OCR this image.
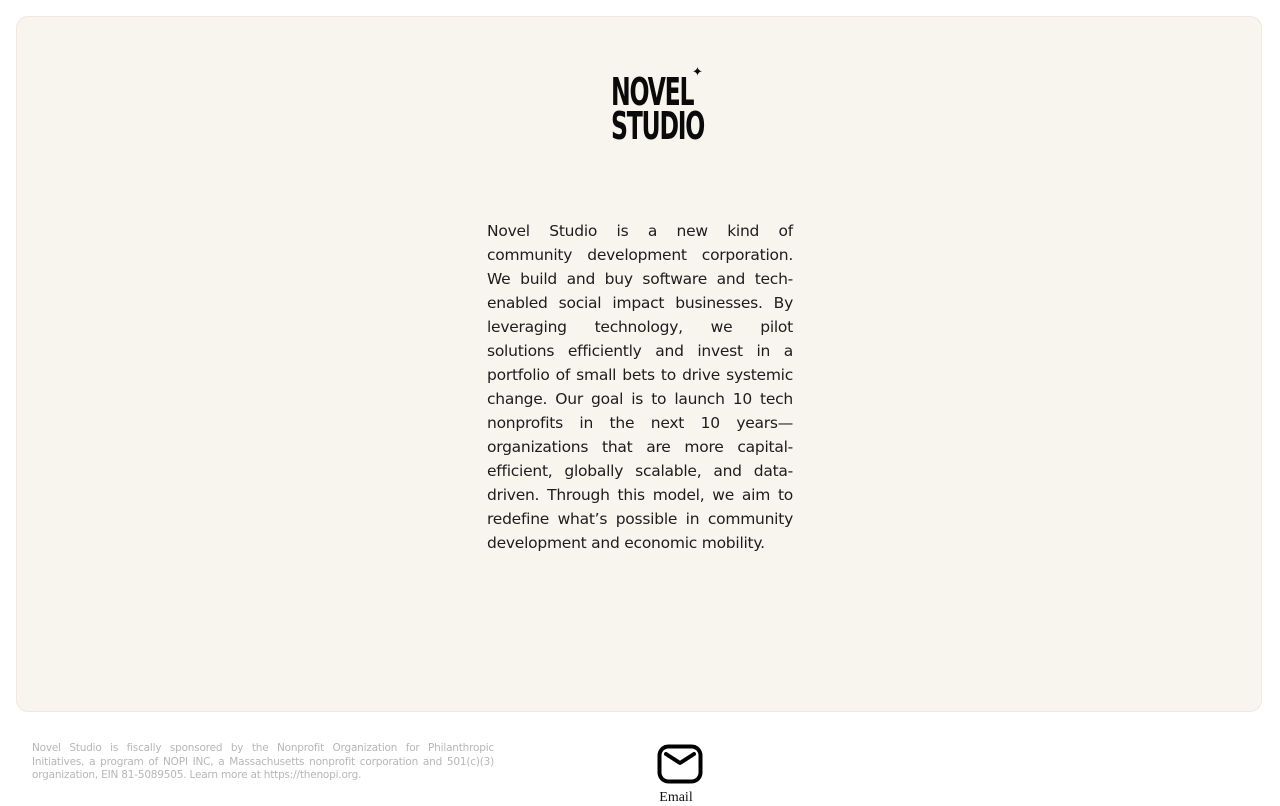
NOVEL
STUDIO
✦

Novel Studio is a new kind of community development corporation. We build and buy software and tech-enabled social impact businesses. By leveraging technology, we pilot solutions efficiently and invest in a portfolio of small bets to drive systemic change. Our goal is to launch 10 tech nonprofits in the next 10 years—organizations that are more capital-efficient, globally scalable, and data-driven. Through this model, we aim to redefine what’s possible in community development and economic mobility.

Novel Studio is fiscally sponsored by the Nonprofit Organization for Philanthropic Initiatives, a program of NOPI INC, a Massachusetts nonprofit corporation and 501(c)(3) organization, EIN 81-5089505. Learn more at https://thenopi.org.

Email
